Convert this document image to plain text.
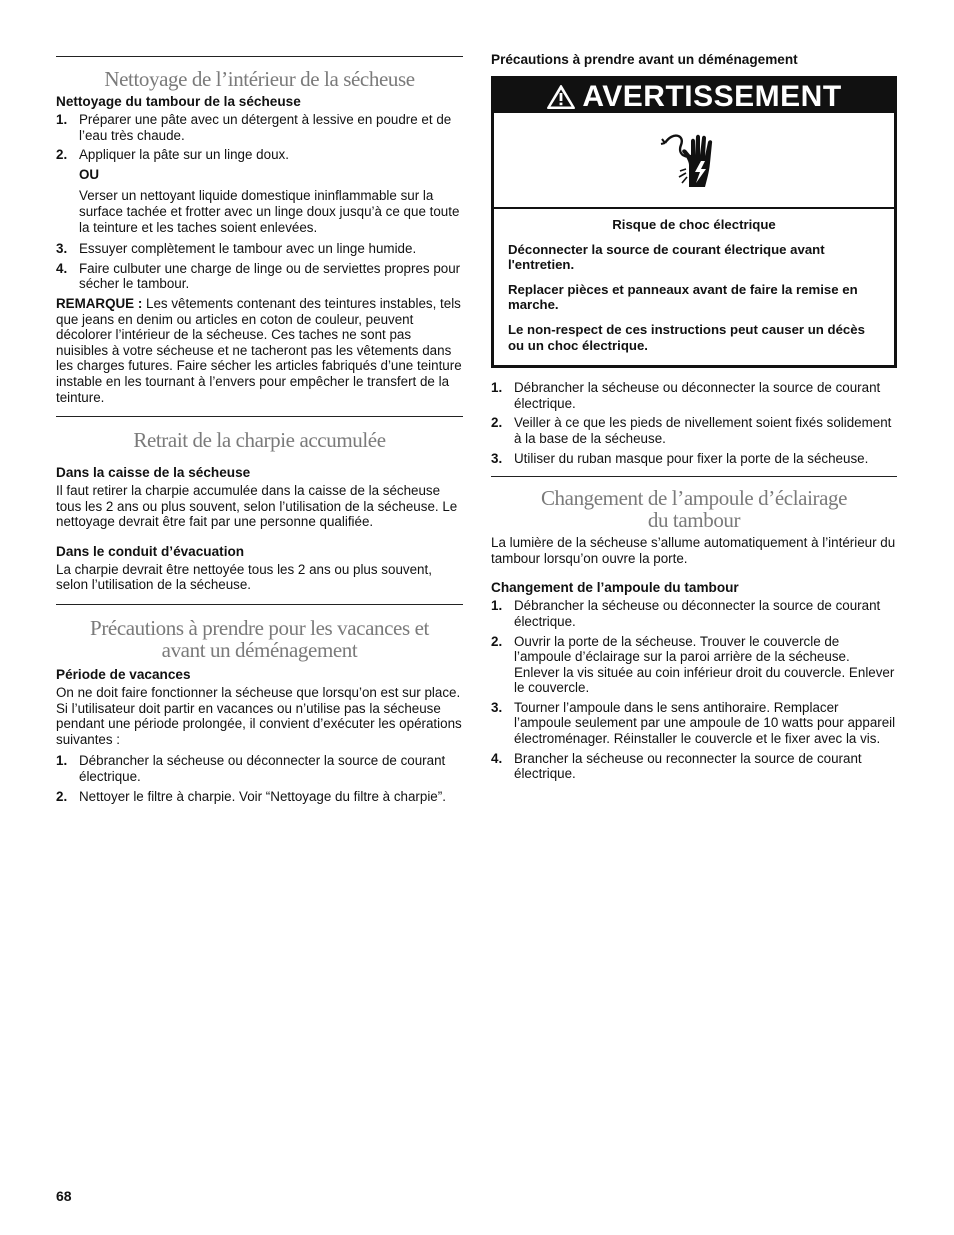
Nettoyage de l’intérieur de la sécheuse
Nettoyage du tambour de la sécheuse
1. Préparer une pâte avec un détergent à lessive en poudre et de l’eau très chaude.
2. Appliquer la pâte sur un linge doux.

OU

Verser un nettoyant liquide domestique ininflammable sur la surface tachée et frotter avec un linge doux jusqu’à ce que toute la teinture et les taches soient enlevées.

3. Essuyer complètement le tambour avec un linge humide.
4. Faire culbuter une charge de linge ou de serviettes propres pour sécher le tambour.

REMARQUE : Les vêtements contenant des teintures instables, tels que jeans en denim ou articles en coton de couleur, peuvent décolorer l’intérieur de la sécheuse. Ces taches ne sont pas nuisibles à votre sécheuse et ne tacheront pas les vêtements dans les charges futures. Faire sécher les articles fabriqués d’une teinture instable en les tournant à l’envers pour empêcher le transfert de la teinture.

Retrait de la charpie accumulée
Dans la caisse de la sécheuse

Il faut retirer la charpie accumulée dans la caisse de la sécheuse tous les 2 ans ou plus souvent, selon l’utilisation de la sécheuse. Le nettoyage devrait être fait par une personne qualifiée.

Dans le conduit d’évacuation

La charpie devrait être nettoyée tous les 2 ans ou plus souvent, selon l’utilisation de la sécheuse.

Précautions à prendre pour les vacances et
avant un déménagement
Période de vacances

On ne doit faire fonctionner la sécheuse que lorsqu’on est sur place. Si l’utilisateur doit partir en vacances ou n’utilise pas la sécheuse pendant une période prolongée, il convient d’exécuter les opérations suivantes :

1. Débrancher la sécheuse ou déconnecter la source de courant électrique.
2. Nettoyer le filtre à charpie. Voir “Nettoyage du filtre à charpie”.
Précautions à prendre avant un déménagement
AVERTISSEMENT

Risque de choc électrique

Déconnecter la source de courant électrique avant l'entretien.

Replacer pièces et panneaux avant de faire la remise en marche.

Le non-respect de ces instructions peut causer un décès ou un choc électrique.

1. Débrancher la sécheuse ou déconnecter la source de courant électrique.
2. Veiller à ce que les pieds de nivellement soient fixés solidement à la base de la sécheuse.
3. Utiliser du ruban masque pour fixer la porte de la sécheuse.
Changement de l’ampoule d’éclairage
du tambour

La lumière de la sécheuse s’allume automatiquement à l’intérieur du tambour lorsqu’on ouvre la porte.

Changement de l’ampoule du tambour
1. Débrancher la sécheuse ou déconnecter la source de courant électrique.
2. Ouvrir la porte de la sécheuse. Trouver le couvercle de l’ampoule d’éclairage sur la paroi arrière de la sécheuse. Enlever la vis située au coin inférieur droit du couvercle. Enlever le couvercle.
3. Tourner l’ampoule dans le sens antihoraire. Remplacer l’ampoule seulement par une ampoule de 10 watts pour appareil électroménager. Réinstaller le couvercle et le fixer avec la vis.
4. Brancher la sécheuse ou reconnecter la source de courant électrique.
68
